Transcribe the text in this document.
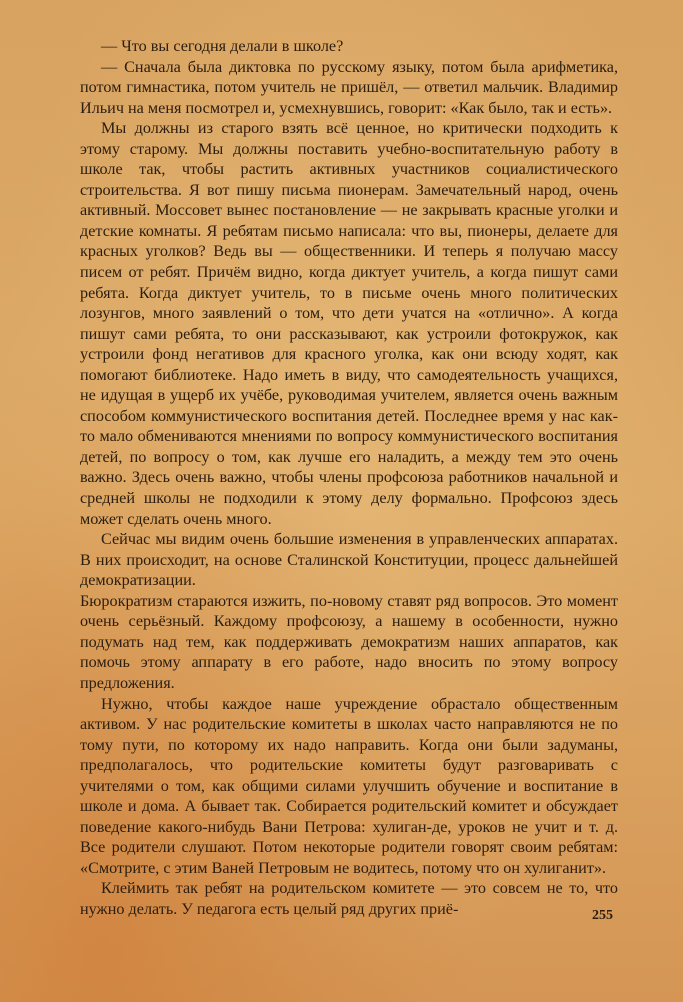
— Что вы сегодня делали в школе?

— Сначала была диктовка по русскому языку, потом была арифметика, потом гимнастика, потом учитель не пришёл, — ответил мальчик. Владимир Ильич на меня посмотрел и, усмехнувшись, говорит: «Как было, так и есть».

Мы должны из старого взять всё ценное, но критически подходить к этому старому. Мы должны поставить учебно-воспитательную работу в школе так, чтобы растить активных участников социалистического строительства. Я вот пишу письма пионерам. Замечательный народ, очень активный. Моссовет вынес постановление — не закрывать красные уголки и детские комнаты. Я ребятам письмо написала: что вы, пионеры, делаете для красных уголков? Ведь вы — общественники. И теперь я получаю массу писем от ребят. Причём видно, когда диктует учитель, а когда пишут сами ребята. Когда диктует учитель, то в письме очень много политических лозунгов, много заявлений о том, что дети учатся на «отлично». А когда пишут сами ребята, то они рассказывают, как устроили фотокружок, как устроили фонд негативов для красного уголка, как они всюду ходят, как помогают библиотеке. Надо иметь в виду, что самодеятельность учащихся, не идущая в ущерб их учёбе, руководимая учителем, является очень важным способом коммунистического воспитания детей. Последнее время у нас как-то мало обмениваются мнениями по вопросу коммунистического воспитания детей, по вопросу о том, как лучше его наладить, а между тем это очень важно. Здесь очень важно, чтобы члены профсоюза работников начальной и средней школы не подходили к этому делу формально. Профсоюз здесь может сделать очень много.

Сейчас мы видим очень большие изменения в управленческих аппаратах. В них происходит, на основе Сталинской Конституции, процесс дальнейшей демократизации.

Бюрократизм стараются изжить, по-новому ставят ряд вопросов. Это момент очень серьёзный. Каждому профсоюзу, а нашему в особенности, нужно подумать над тем, как поддерживать демократизм наших аппаратов, как помочь этому аппарату в его работе, надо вносить по этому вопросу предложения.

Нужно, чтобы каждое наше учреждение обрастало общественным активом. У нас родительские комитеты в школах часто направляются не по тому пути, по которому их надо направить. Когда они были задуманы, предполагалось, что родительские комитеты будут разговаривать с учителями о том, как общими силами улучшить обучение и воспитание в школе и дома. А бывает так. Собирается родительский комитет и обсуждает поведение какого-нибудь Вани Петрова: хулиган-де, уроков не учит и т. д. Все родители слушают. Потом некоторые родители говорят своим ребятам: «Смотрите, с этим Ваней Петровым не водитесь, потому что он хулиганит».

Клеймить так ребят на родительском комитете — это совсем не то, что нужно делать. У педагога есть целый ряд других приё-	255
